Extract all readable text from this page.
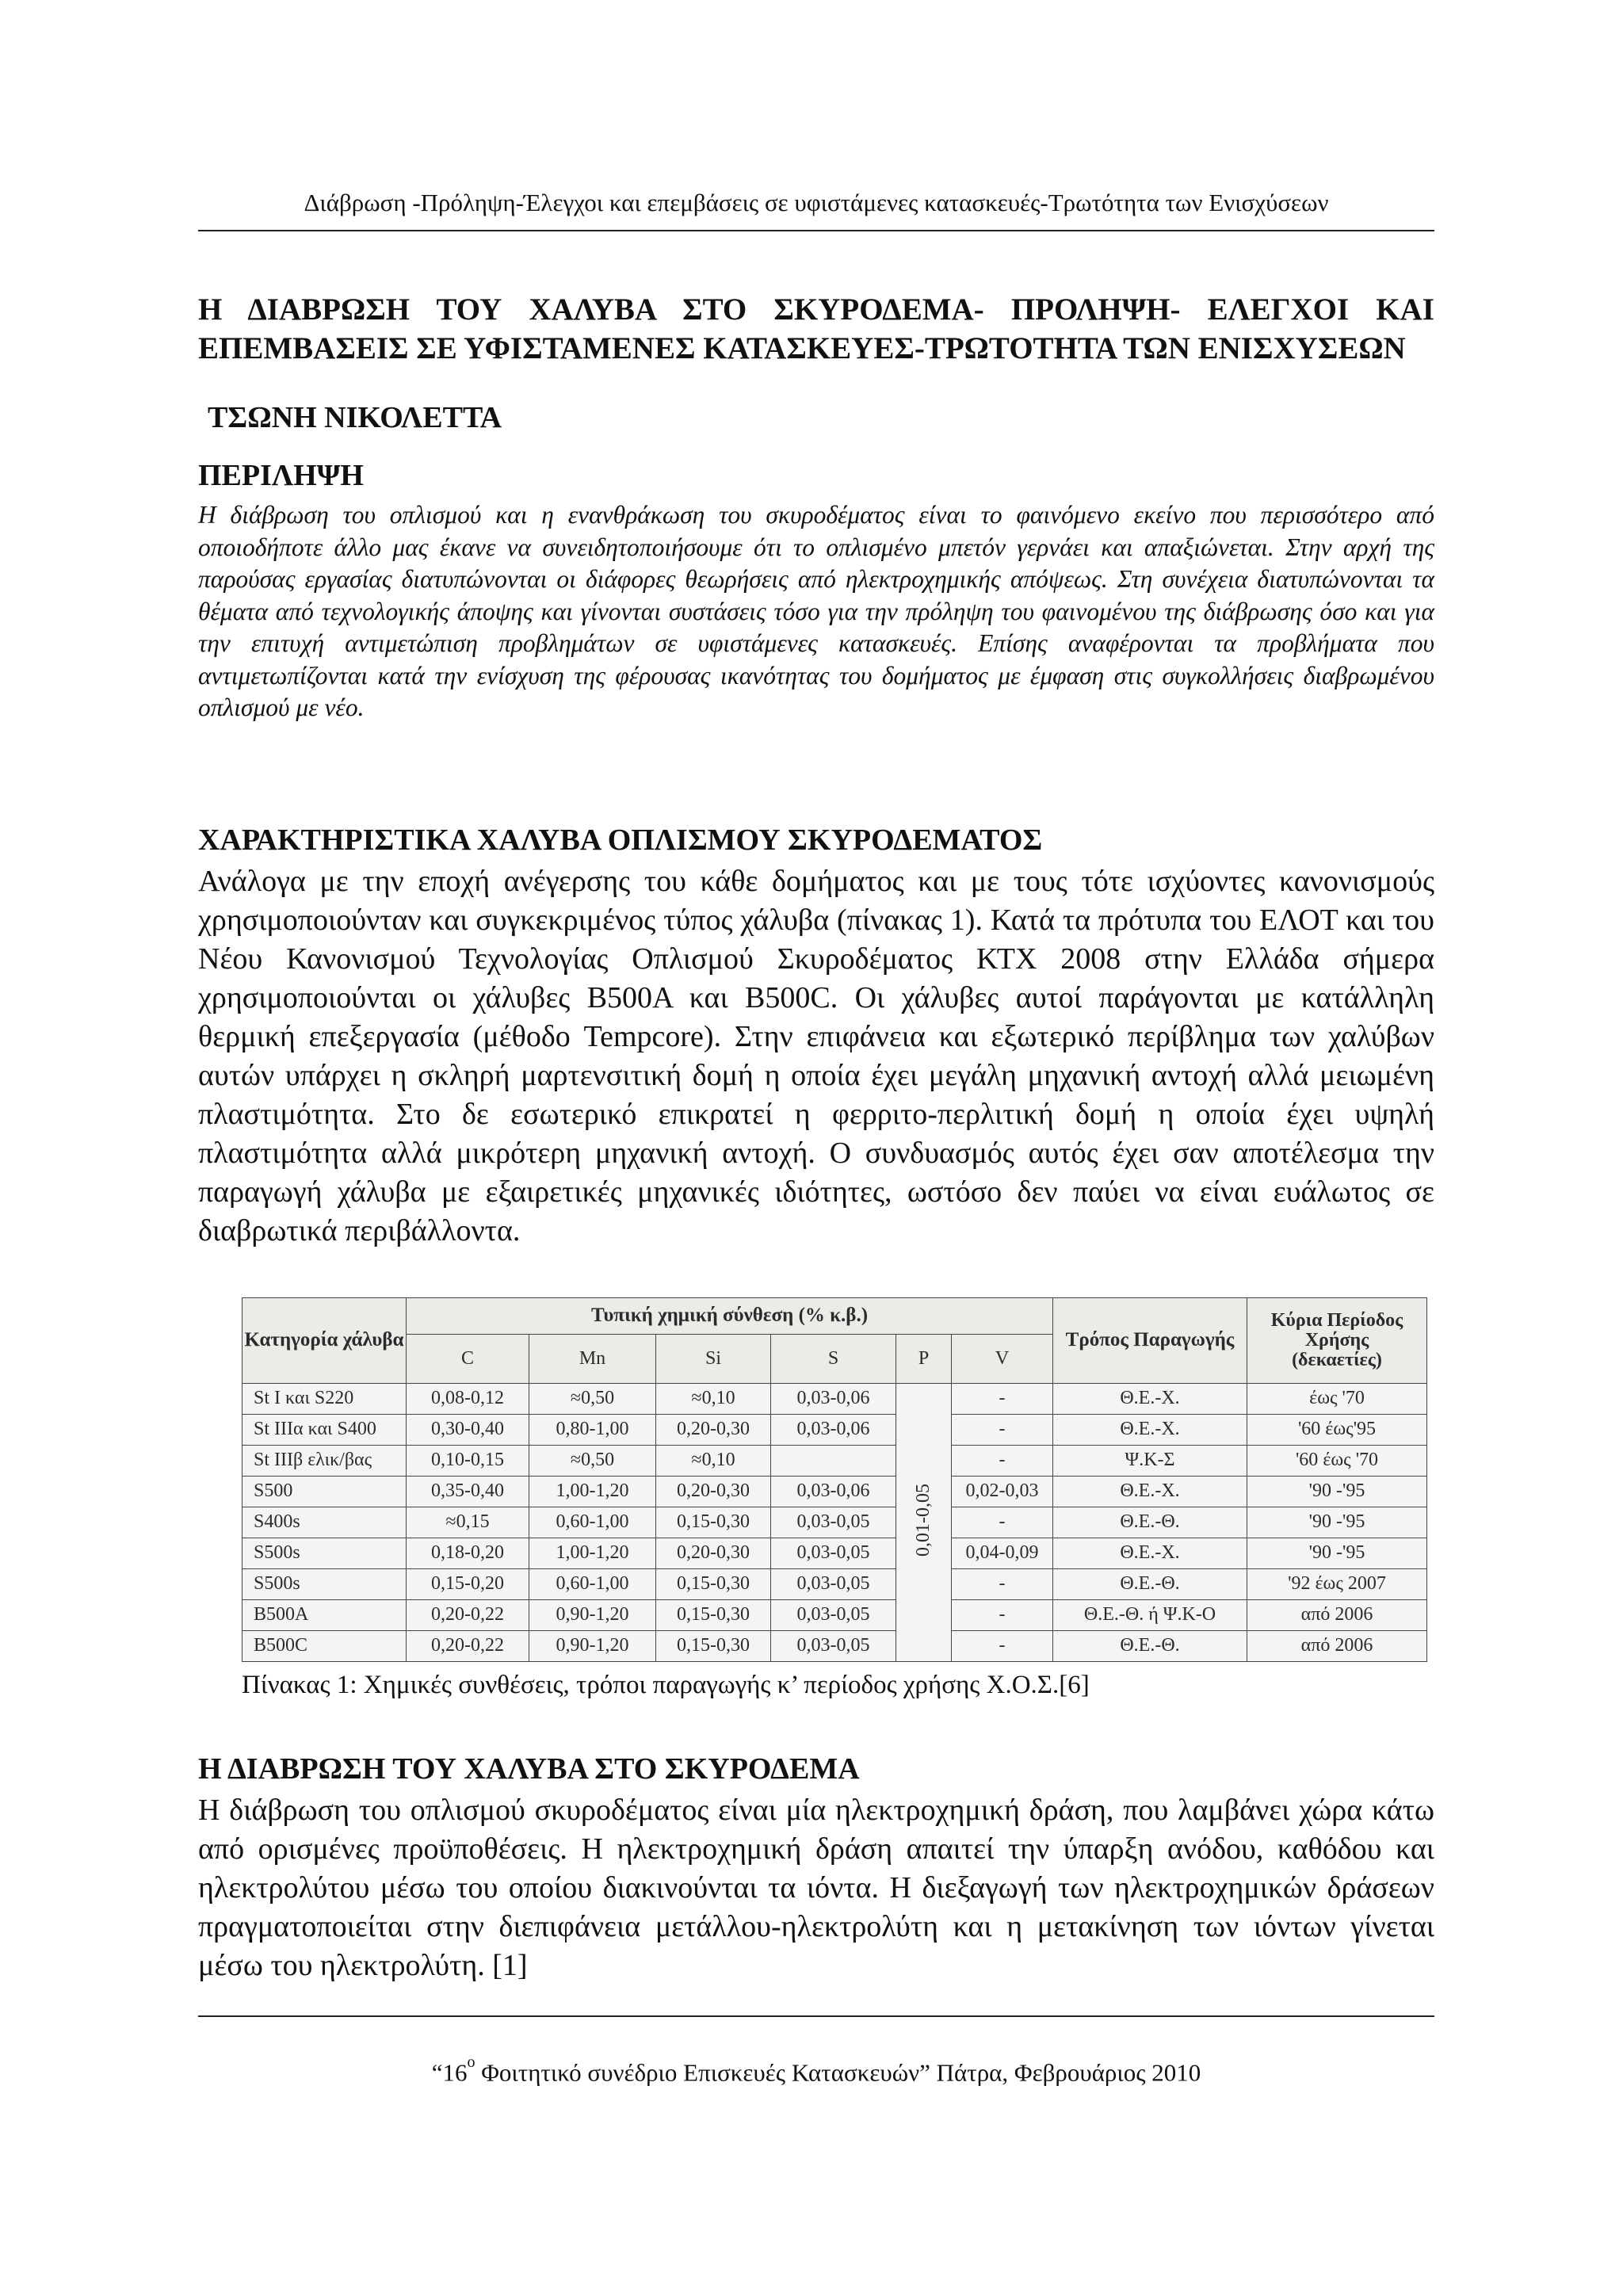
Διάβρωση -Πρόληψη-Έλεγχοι και επεμβάσεις σε υφιστάμενες κατασκευές-Τρωτότητα των Ενισχύσεων
Η ΔΙΑΒΡΩΣΗ ΤΟΥ ΧΑΛΥΒΑ ΣΤΟ ΣΚΥΡΟΔΕΜΑ- ΠΡΟΛΗΨΗ- ΕΛΕΓΧΟΙ ΚΑΙ ΕΠΕΜΒΑΣΕΙΣ ΣΕ ΥΦΙΣΤΑΜΕΝΕΣ ΚΑΤΑΣΚΕΥΕΣ-ΤΡΩΤΟΤΗΤΑ ΤΩΝ ΕΝΙΣΧΥΣΕΩΝ
ΤΣΩΝΗ ΝΙΚΟΛΕΤΤΑ
ΠΕΡΙΛΗΨΗ

Η διάβρωση του οπλισμού και η ενανθράκωση του σκυροδέματος είναι το φαινόμενο εκείνο που περισσότερο από οποιοδήποτε άλλο μας έκανε να συνειδητοποιήσουμε ότι το οπλισμένο μπετόν γερνάει και απαξιώνεται. Στην αρχή της παρούσας εργασίας διατυπώνονται οι διάφορες θεωρήσεις από ηλεκτροχημικής απόψεως. Στη συνέχεια διατυπώνονται τα θέματα από τεχνολογικής άποψης και γίνονται συστάσεις τόσο για την πρόληψη του φαινομένου της διάβρωσης όσο και για την επιτυχή αντιμετώπιση προβλημάτων σε υφιστάμενες κατασκευές. Επίσης αναφέρονται τα προβλήματα που αντιμετωπίζονται κατά την ενίσχυση της φέρουσας ικανότητας του δομήματος με έμφαση στις συγκολλήσεις διαβρωμένου οπλισμού με νέο.

ΧΑΡΑΚΤΗΡΙΣΤΙΚΑ ΧΑΛΥΒΑ ΟΠΛΙΣΜΟΥ ΣΚΥΡΟΔΕΜΑΤΟΣ

Ανάλογα με την εποχή ανέγερσης του κάθε δομήματος και με τους τότε ισχύοντες κανονισμούς χρησιμοποιούνταν και συγκεκριμένος τύπος χάλυβα (πίνακας 1). Κατά τα πρότυπα του ΕΛΟΤ και του Νέου Κανονισμού Τεχνολογίας Οπλισμού Σκυροδέματος ΚΤΧ 2008 στην Ελλάδα σήμερα χρησιμοποιούνται οι χάλυβες Β500Α και Β500C. Οι χάλυβες αυτοί παράγονται με κατάλληλη θερμική επεξεργασία (μέθοδο Tempcore). Στην επιφάνεια και εξωτερικό περίβλημα των χαλύβων αυτών υπάρχει η σκληρή μαρτενσιτική δομή η οποία έχει μεγάλη μηχανική αντοχή αλλά μειωμένη πλαστιμότητα. Στο δε εσωτερικό επικρατεί η φερριτο-περλιτική δομή η οποία έχει υψηλή πλαστιμότητα αλλά μικρότερη μηχανική αντοχή. Ο συνδυασμός αυτός έχει σαν αποτέλεσμα την παραγωγή χάλυβα με εξαιρετικές μηχανικές ιδιότητες, ωστόσο δεν παύει να είναι ευάλωτος σε διαβρωτικά περιβάλλοντα.

Κατηγορία χάλυβα	Τυπική χημική σύνθεση (% κ.β.)						Τρόπος Παραγωγής	Κύρια Περίοδος
Χρήσης
(δεκαετίες)

	C	Mn	Si	S	P	V		
St I και S220	0,08-0,12	≈0,50	≈0,10	0,03-0,06	0,01-0,05	-	Θ.Ε.-Χ.	έως '70
St IIIα και S400	0,30-0,40	0,80-1,00	0,20-0,30	0,03-0,06		-	Θ.Ε.-Χ.	'60 έως'95
St IIIβ ελικ/βας	0,10-0,15	≈0,50	≈0,10			-	Ψ.Κ-Σ	'60 έως '70
S500	0,35-0,40	1,00-1,20	0,20-0,30	0,03-0,06		0,02-0,03	Θ.Ε.-Χ.	'90 -'95
S400s	≈0,15	0,60-1,00	0,15-0,30	0,03-0,05		-	Θ.Ε.-Θ.	'90 -'95
S500s	0,18-0,20	1,00-1,20	0,20-0,30	0,03-0,05		0,04-0,09	Θ.Ε.-Χ.	'90 -'95
S500s	0,15-0,20	0,60-1,00	0,15-0,30	0,03-0,05		-	Θ.Ε.-Θ.	'92 έως 2007
B500A	0,20-0,22	0,90-1,20	0,15-0,30	0,03-0,05		-	Θ.Ε.-Θ. ή Ψ.Κ-Ο	από 2006
B500C	0,20-0,22	0,90-1,20	0,15-0,30	0,03-0,05		-	Θ.Ε.-Θ.	από 2006
Πίνακας 1: Χημικές συνθέσεις, τρόποι παραγωγής κ’ περίοδος χρήσης Χ.Ο.Σ.[6]
Η ΔΙΑΒΡΩΣΗ ΤΟΥ ΧΑΛΥΒΑ ΣΤΟ ΣΚΥΡΟΔΕΜΑ

Η διάβρωση του οπλισμού σκυροδέματος είναι μία ηλεκτροχημική δράση, που λαμβάνει χώρα κάτω από ορισμένες προϋποθέσεις. Η ηλεκτροχημική δράση απαιτεί την ύπαρξη ανόδου, καθόδου και ηλεκτρολύτου μέσω του οποίου διακινούνται τα ιόντα. Η διεξαγωγή των ηλεκτροχημικών δράσεων πραγματοποιείται στην διεπιφάνεια μετάλλου-ηλεκτρολύτη και η μετακίνηση των ιόντων γίνεται μέσω του ηλεκτρολύτη. [1]

“$16^o$ Φοιτητικό συνέδριο Επισκευές Κατασκευών” Πάτρα, Φεβρουάριος 2010
